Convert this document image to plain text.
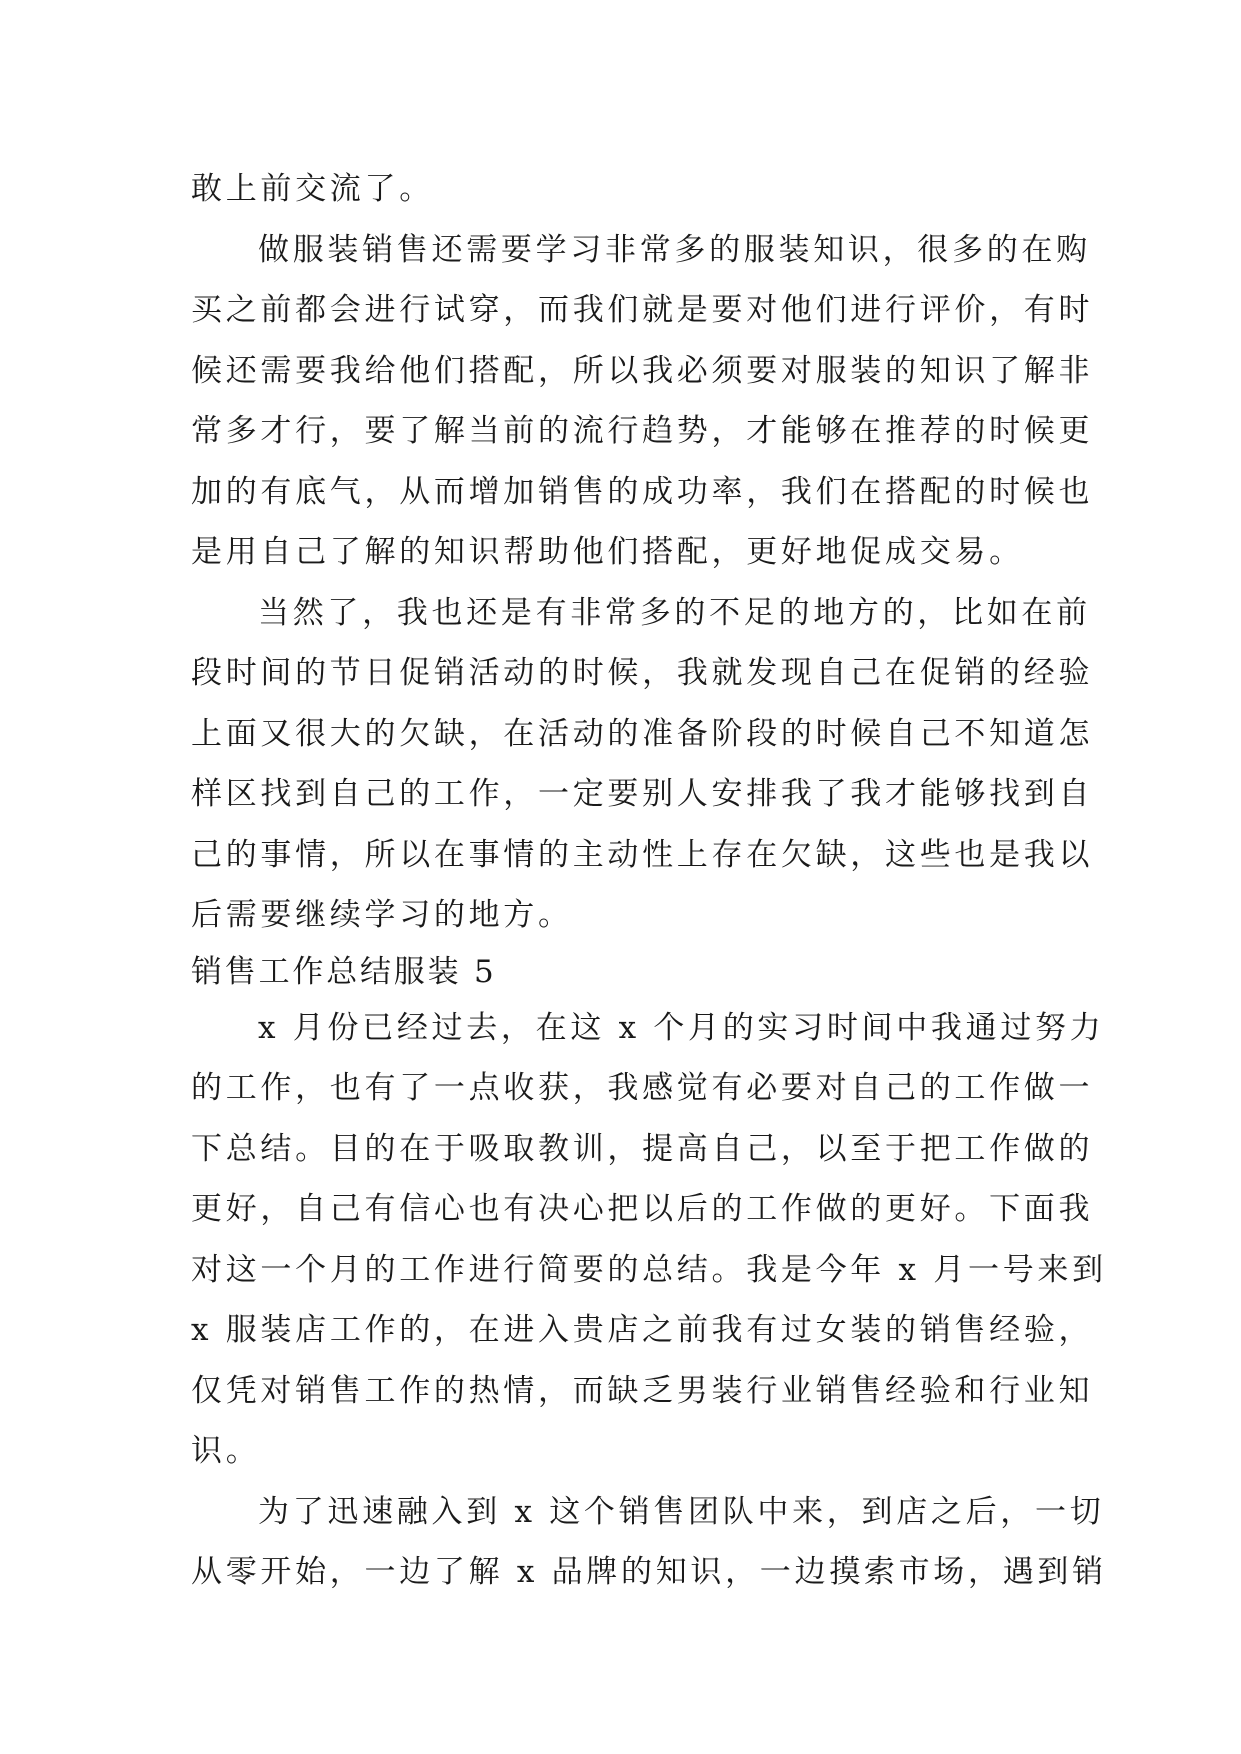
敢上前交流了。
做服装销售还需要学习非常多的服装知识，很多的在购
买之前都会进行试穿，而我们就是要对他们进行评价，有时
候还需要我给他们搭配，所以我必须要对服装的知识了解非
常多才行，要了解当前的流行趋势，才能够在推荐的时候更
加的有底气，从而增加销售的成功率，我们在搭配的时候也
是用自己了解的知识帮助他们搭配，更好地促成交易。
当然了，我也还是有非常多的不足的地方的，比如在前
段时间的节日促销活动的时候，我就发现自己在促销的经验
上面又很大的欠缺，在活动的准备阶段的时候自己不知道怎
样区找到自己的工作，一定要别人安排我了我才能够找到自
己的事情，所以在事情的主动性上存在欠缺，这些也是我以
后需要继续学习的地方。
销售工作总结服装 5
x 月份已经过去，在这 x 个月的实习时间中我通过努力
的工作，也有了一点收获，我感觉有必要对自己的工作做一
下总结。目的在于吸取教训，提高自己，以至于把工作做的
更好，自己有信心也有决心把以后的工作做的更好。下面我
对这一个月的工作进行简要的总结。我是今年 x 月一号来到
x 服装店工作的，在进入贵店之前我有过女装的销售经验，
仅凭对销售工作的热情，而缺乏男装行业销售经验和行业知
识。
为了迅速融入到 x 这个销售团队中来，到店之后，一切
从零开始，一边了解 x 品牌的知识，一边摸索市场，遇到销
